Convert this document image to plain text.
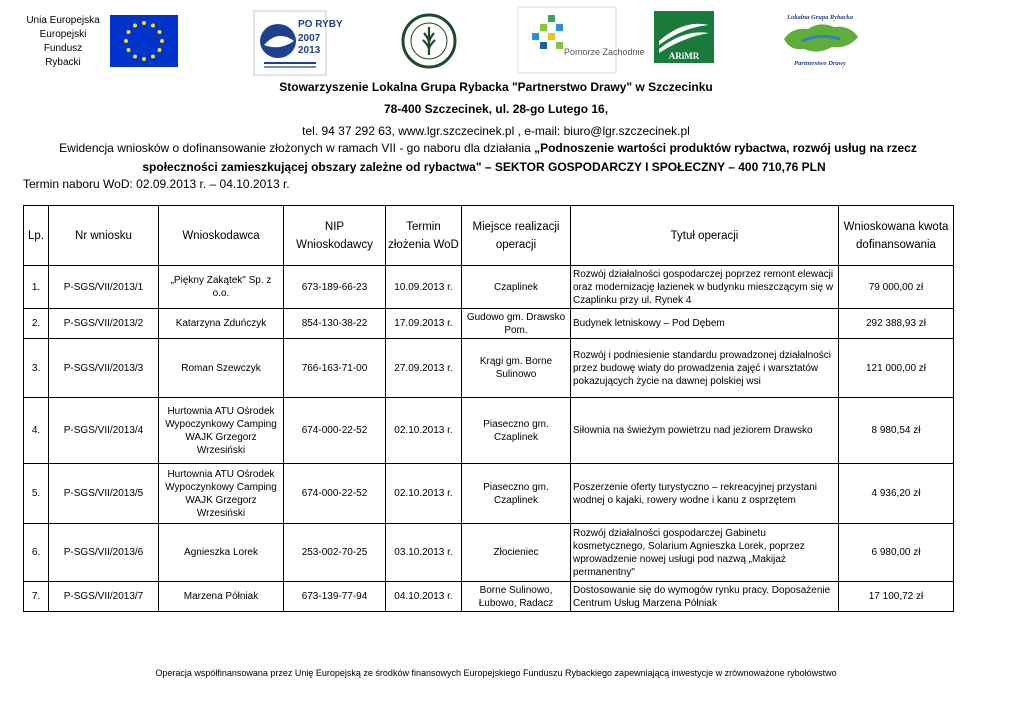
Unia Europejska
Europejski
Fundusz
Rybacki
PO RYBY
2007
2013	Pomorze Zachodnie	ARiMR
Lokalna Grupa Rybacka
Partnerstwo Drawy
Stowarzyszenie Lokalna Grupa Rybacka "Partnerstwo Drawy" w Szczecinku
78-400 Szczecinek, ul. 28-go Lutego 16,
tel. 94 37 292 63, www.lgr.szczecinek.pl , e-mail: biuro@lgr.szczecinek.pl
Ewidencja wniosków o dofinansowanie złożonych w ramach VII - go naboru dla działania „Podnoszenie wartości produktów rybactwa, rozwój usług na rzecz
społeczności zamieszkującej obszary zależne od rybactwa" – SEKTOR GOSPODARCZY I SPOŁECZNY – 400 710,76 PLN
Termin naboru WoD: 02.09.2013 r. – 04.10.2013 r.
Lp.	Nr wniosku	Wnioskodawca	NIP Wnioskodawcy	Termin złożenia WoD	Miejsce realizacji operacji	Tytuł operacji	Wnioskowana kwota dofinansowania
1.	P-SGS/VII/2013/1	„Piękny Zakątek" Sp. z o.o.	673-189-66-23	10.09.2013 r.	Czaplinek	Rozwój działalności gospodarczej poprzez remont elewacji oraz modernizację łazienek w budynku mieszczącym się w Czaplinku przy ul. Rynek 4	79 000,00 zł
2.	P-SGS/VII/2013/2	Katarzyna Zduńczyk	854-130-38-22	17.09.2013 r.	Gudowo gm. Drawsko Pom.	Budynek letniskowy – Pod Dębem	292 388,93 zł
3.	P-SGS/VII/2013/3	Roman Szewczyk	766-163-71-00	27.09.2013 r.	Krągi gm. Borne Sulinowo	Rozwój i podniesienie standardu prowadzonej działalności przez budowę wiaty do prowadzenia zajęć i warsztatów pokazujących życie na dawnej polskiej wsi	121 000,00 zł
4.	P-SGS/VII/2013/4	Hurtownia ATU Ośrodek Wypoczynkowy Camping WAJK Grzegorz Wrzesiński	674-000-22-52	02.10.2013 r.	Piaseczno gm. Czaplinek	Siłownia na świeżym powietrzu nad jeziorem Drawsko	8 980,54 zł
5.	P-SGS/VII/2013/5	Hurtownia ATU Ośrodek Wypoczynkowy Camping WAJK Grzegorz Wrzesiński	674-000-22-52	02.10.2013 r.	Piaseczno gm. Czaplinek	Poszerzenie oferty turystyczno – rekreacyjnej przystani wodnej o kajaki, rowery wodne i kanu z osprzętem	4 936,20 zł
6.	P-SGS/VII/2013/6	Agnieszka Lorek	253-002-70-25	03.10.2013 r.	Złocieniec	Rozwój działalności gospodarczej Gabinetu kosmetycznego, Solarium Agnieszka Lorek, poprzez wprowadzenie nowej usługi pod nazwą „Makijaż permanentny"	6 980,00 zł
7.	P-SGS/VII/2013/7	Marzena Półniak	673-139-77-94	04.10.2013 r.	Borne Sulinowo, Łubowo, Radacz	Dostosowanie się do wymogów rynku pracy. Doposażenie Centrum Usług Marzena Półniak	17 100,72 zł
Operacja współfinansowana przez Unię Europejską ze środków finansowych Europejskiego Funduszu Rybackiego zapewniającą inwestycje w zrównoważone rybołówstwo
